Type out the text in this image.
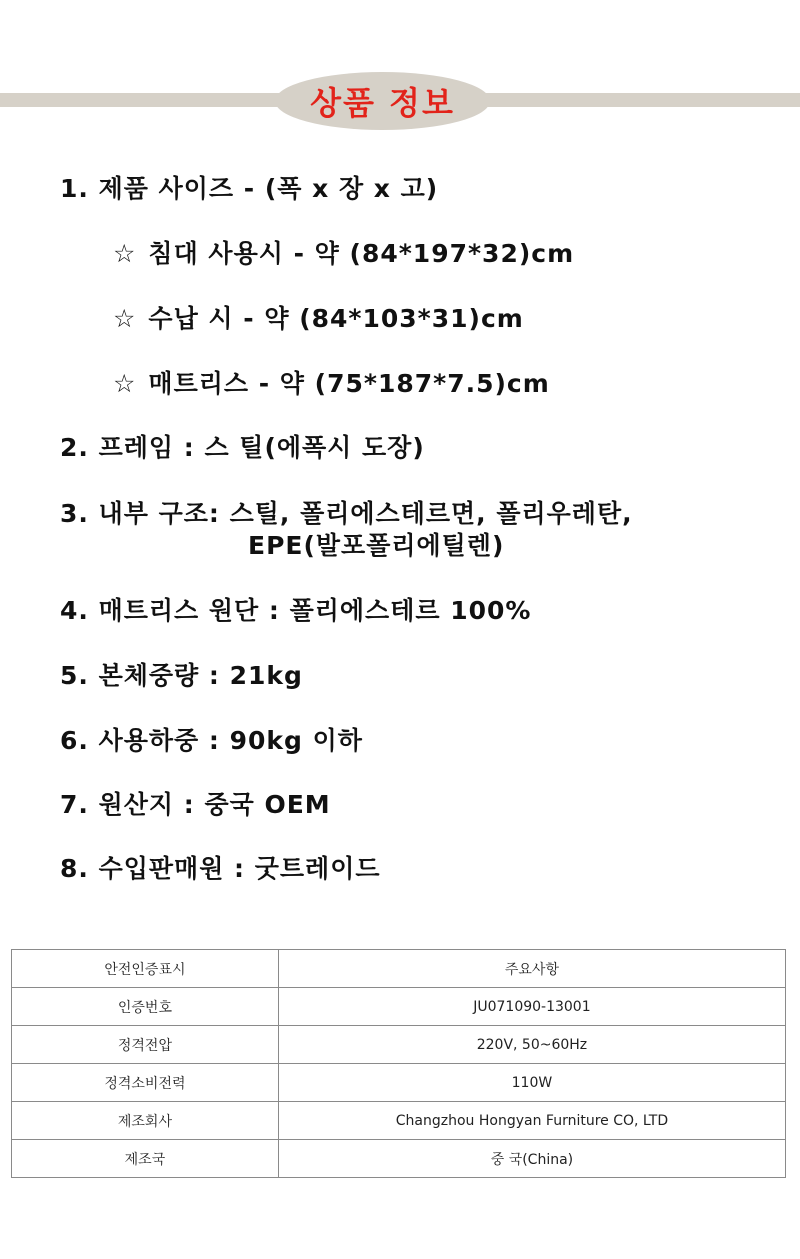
상품 정보
1. 제품 사이즈 - (폭 x 장 x 고)
☆ 침대 사용시 - 약 (84*197*32)cm
☆ 수납 시 - 약 (84*103*31)cm
☆ 매트리스 - 약 (75*187*7.5)cm
2. 프레임 : 스 틸(에폭시 도장)
3. 내부 구조: 스틸, 폴리에스테르면, 폴리우레탄,
EPE(발포폴리에틸렌)
4. 매트리스 원단 : 폴리에스테르 100%
5. 본체중량 : 21kg
6. 사용하중 : 90kg 이하
7. 원산지 : 중국 OEM
8. 수입판매원 : 굿트레이드
안전인증표시	주요사항
인증번호	JU071090-13001
정격전압	220V, 50~60Hz
정격소비전력	110W
제조회사	Changzhou Hongyan Furniture CO, LTD
제조국	중 국(China)
